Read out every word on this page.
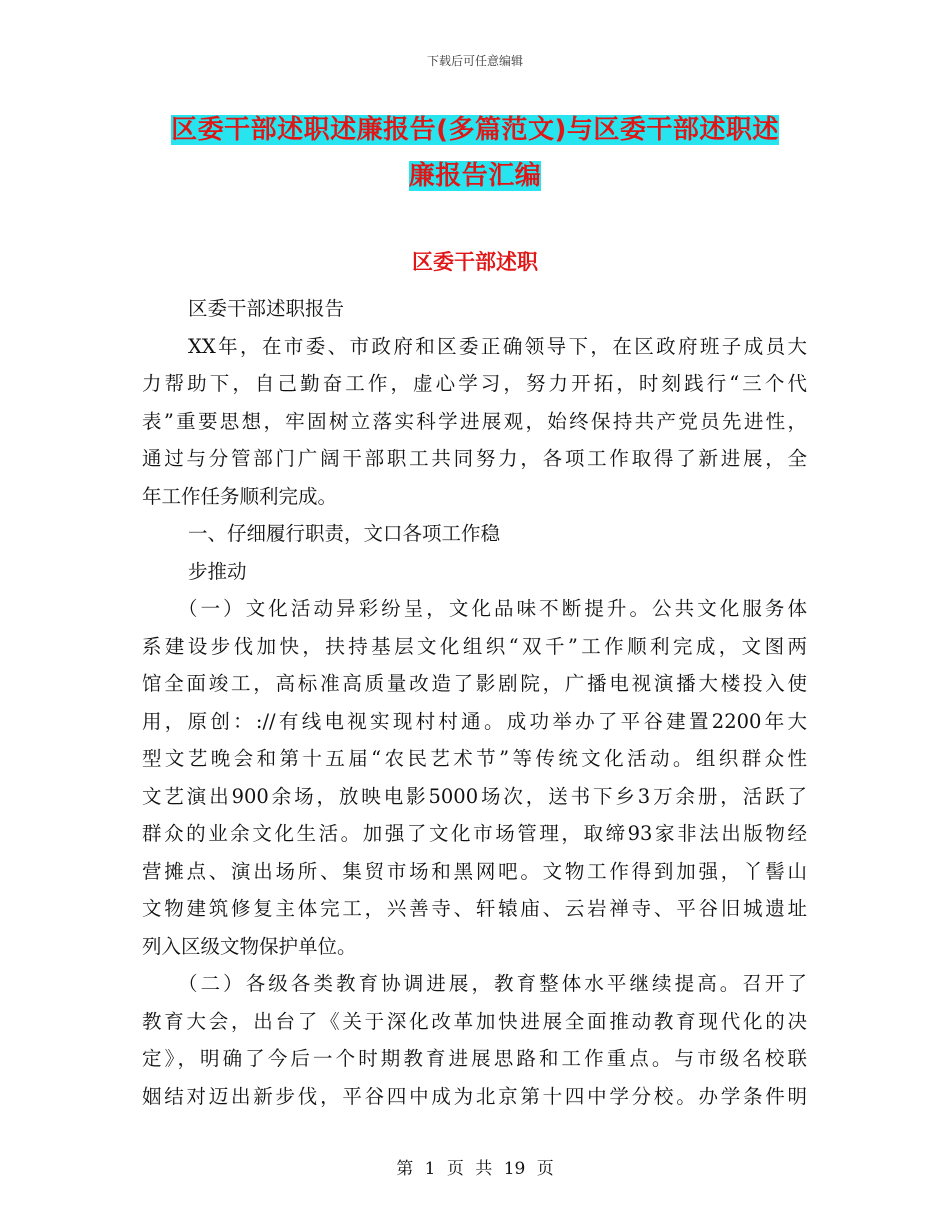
下载后可任意编辑
区委干部述职述廉报告(多篇范文)与区委干部述职述
廉报告汇编
区委干部述职
区委干部述职报告
XX年，在市委、市政府和区委正确领导下，在区政府班子成员大
力帮助下，自己勤奋工作，虚心学习，努力开拓，时刻践行“三个代
表”重要思想，牢固树立落实科学进展观，始终保持共产党员先进性，
通过与分管部门广阔干部职工共同努力，各项工作取得了新进展，全
年工作任务顺利完成。
一、仔细履行职责，文口各项工作稳
步推动
（一）文化活动异彩纷呈，文化品味不断提升。公共文化服务体
系建设步伐加快，扶持基层文化组织“双千”工作顺利完成，文图两
馆全面竣工，高标准高质量改造了影剧院，广播电视演播大楼投入使
用，原创：://有线电视实现村村通。成功举办了平谷建置2200年大
型文艺晚会和第十五届“农民艺术节”等传统文化活动。组织群众性
文艺演出900余场，放映电影5000场次，送书下乡3万余册，活跃了
群众的业余文化生活。加强了文化市场管理，取缔93家非法出版物经
营摊点、演出场所、集贸市场和黑网吧。文物工作得到加强，丫髻山
文物建筑修复主体完工，兴善寺、轩辕庙、云岩禅寺、平谷旧城遗址
列入区级文物保护单位。
（二）各级各类教育协调进展，教育整体水平继续提高。召开了
教育大会，出台了《关于深化改革加快进展全面推动教育现代化的决
定》，明确了今后一个时期教育进展思路和工作重点。与市级名校联
姻结对迈出新步伐，平谷四中成为北京第十四中学分校。办学条件明
第 1 页 共 19 页
